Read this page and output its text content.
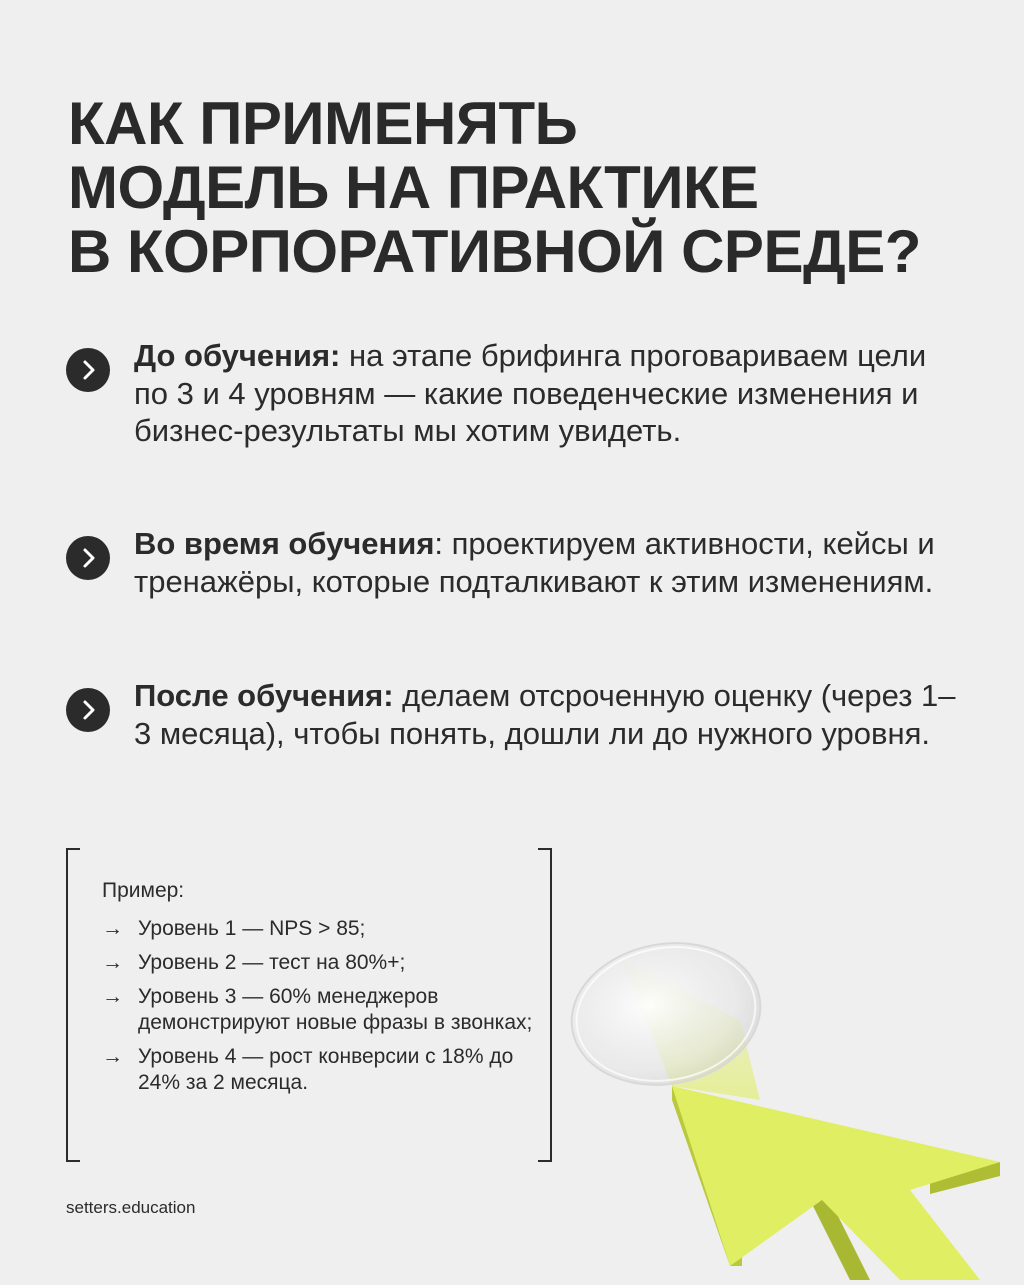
КАК ПРИМЕНЯТЬ
МОДЕЛЬ НА ПРАКТИКЕ
В КОРПОРАТИВНОЙ СРЕДЕ?
До обучения: на этапе брифинга проговариваем цели по 3 и 4 уровням — какие поведенческие изменения и бизнес-результаты мы хотим увидеть.
Во время обучения: проектируем активности, кейсы и тренажёры, которые подталкивают к этим изменениям.
После обучения: делаем отсроченную оценку (через 1–3 месяца), чтобы понять, дошли ли до нужного уровня.
Пример:
→ Уровень 1 — NPS > 85;
→ Уровень 2 — тест на 80%+;
→ Уровень 3 — 60% менеджеров демонстрируют новые фразы в звонках;
→ Уровень 4 — рост конверсии с 18% до 24% за 2 месяца.
setters.education
